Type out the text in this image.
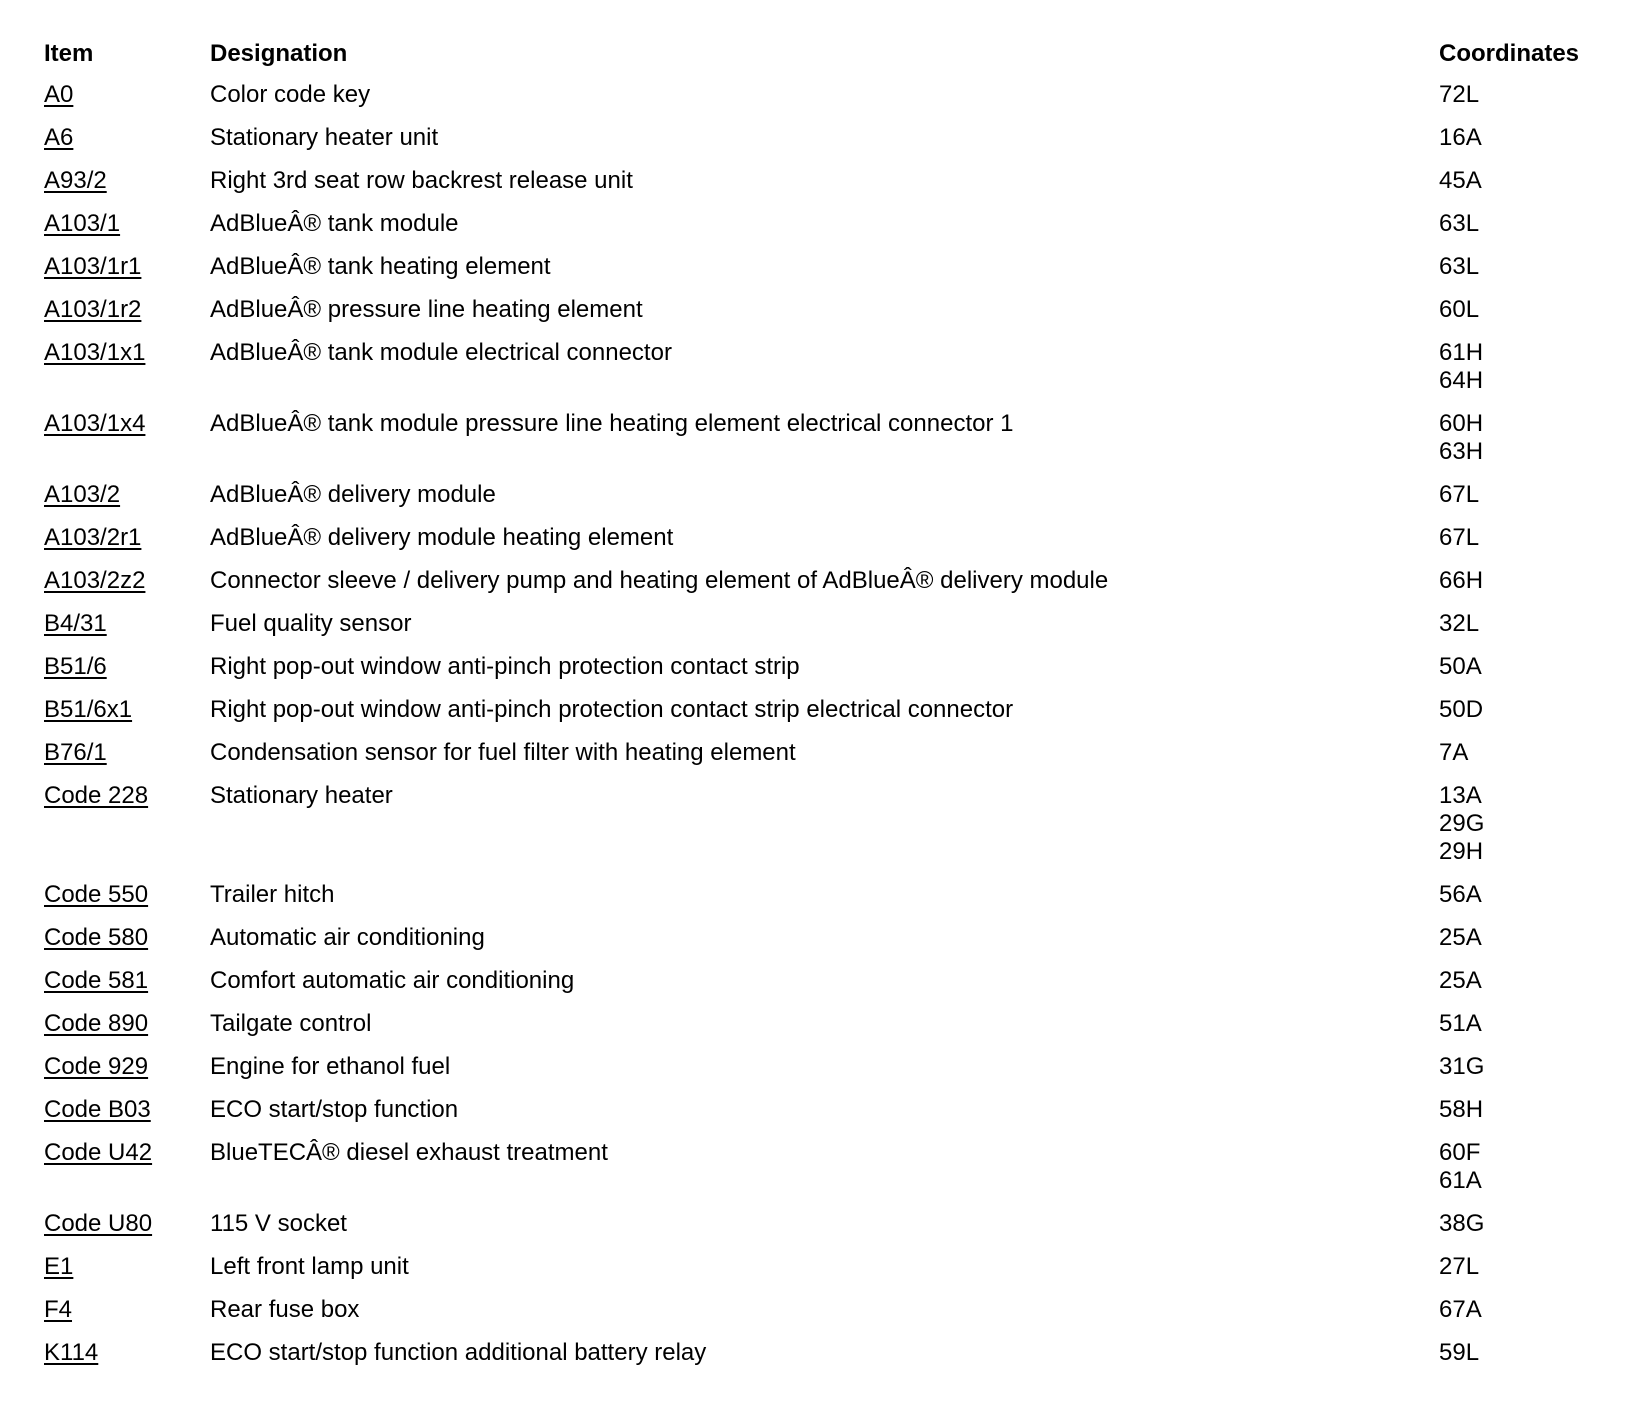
Item	Designation	Coordinates
A0	Color code key	72L

A6	Stationary heater unit	16A

A93/2	Right 3rd seat row backrest release unit	45A

A103/1	AdBlueÂ® tank module	63L

A103/1r1	AdBlueÂ® tank heating element	63L

A103/1r2	AdBlueÂ® pressure line heating element	60L

A103/1x1	AdBlueÂ® tank module electrical connector	61H
64H

A103/1x4	AdBlueÂ® tank module pressure line heating element electrical connector 1	60H
63H

A103/2	AdBlueÂ® delivery module	67L

A103/2r1	AdBlueÂ® delivery module heating element	67L

A103/2z2	Connector sleeve / delivery pump and heating element of AdBlueÂ® delivery module	66H

B4/31	Fuel quality sensor	32L

B51/6	Right pop-out window anti-pinch protection contact strip	50A

B51/6x1	Right pop-out window anti-pinch protection contact strip electrical connector	50D

B76/1	Condensation sensor for fuel filter with heating element	7A

Code 228	Stationary heater	13A
29G
29H

Code 550	Trailer hitch	56A

Code 580	Automatic air conditioning	25A

Code 581	Comfort automatic air conditioning	25A

Code 890	Tailgate control	51A

Code 929	Engine for ethanol fuel	31G

Code B03	ECO start/stop function	58H

Code U42	BlueTECÂ® diesel exhaust treatment	60F
61A

Code U80	115 V socket	38G

E1	Left front lamp unit	27L

F4	Rear fuse box	67A

K114	ECO start/stop function additional battery relay	59L
